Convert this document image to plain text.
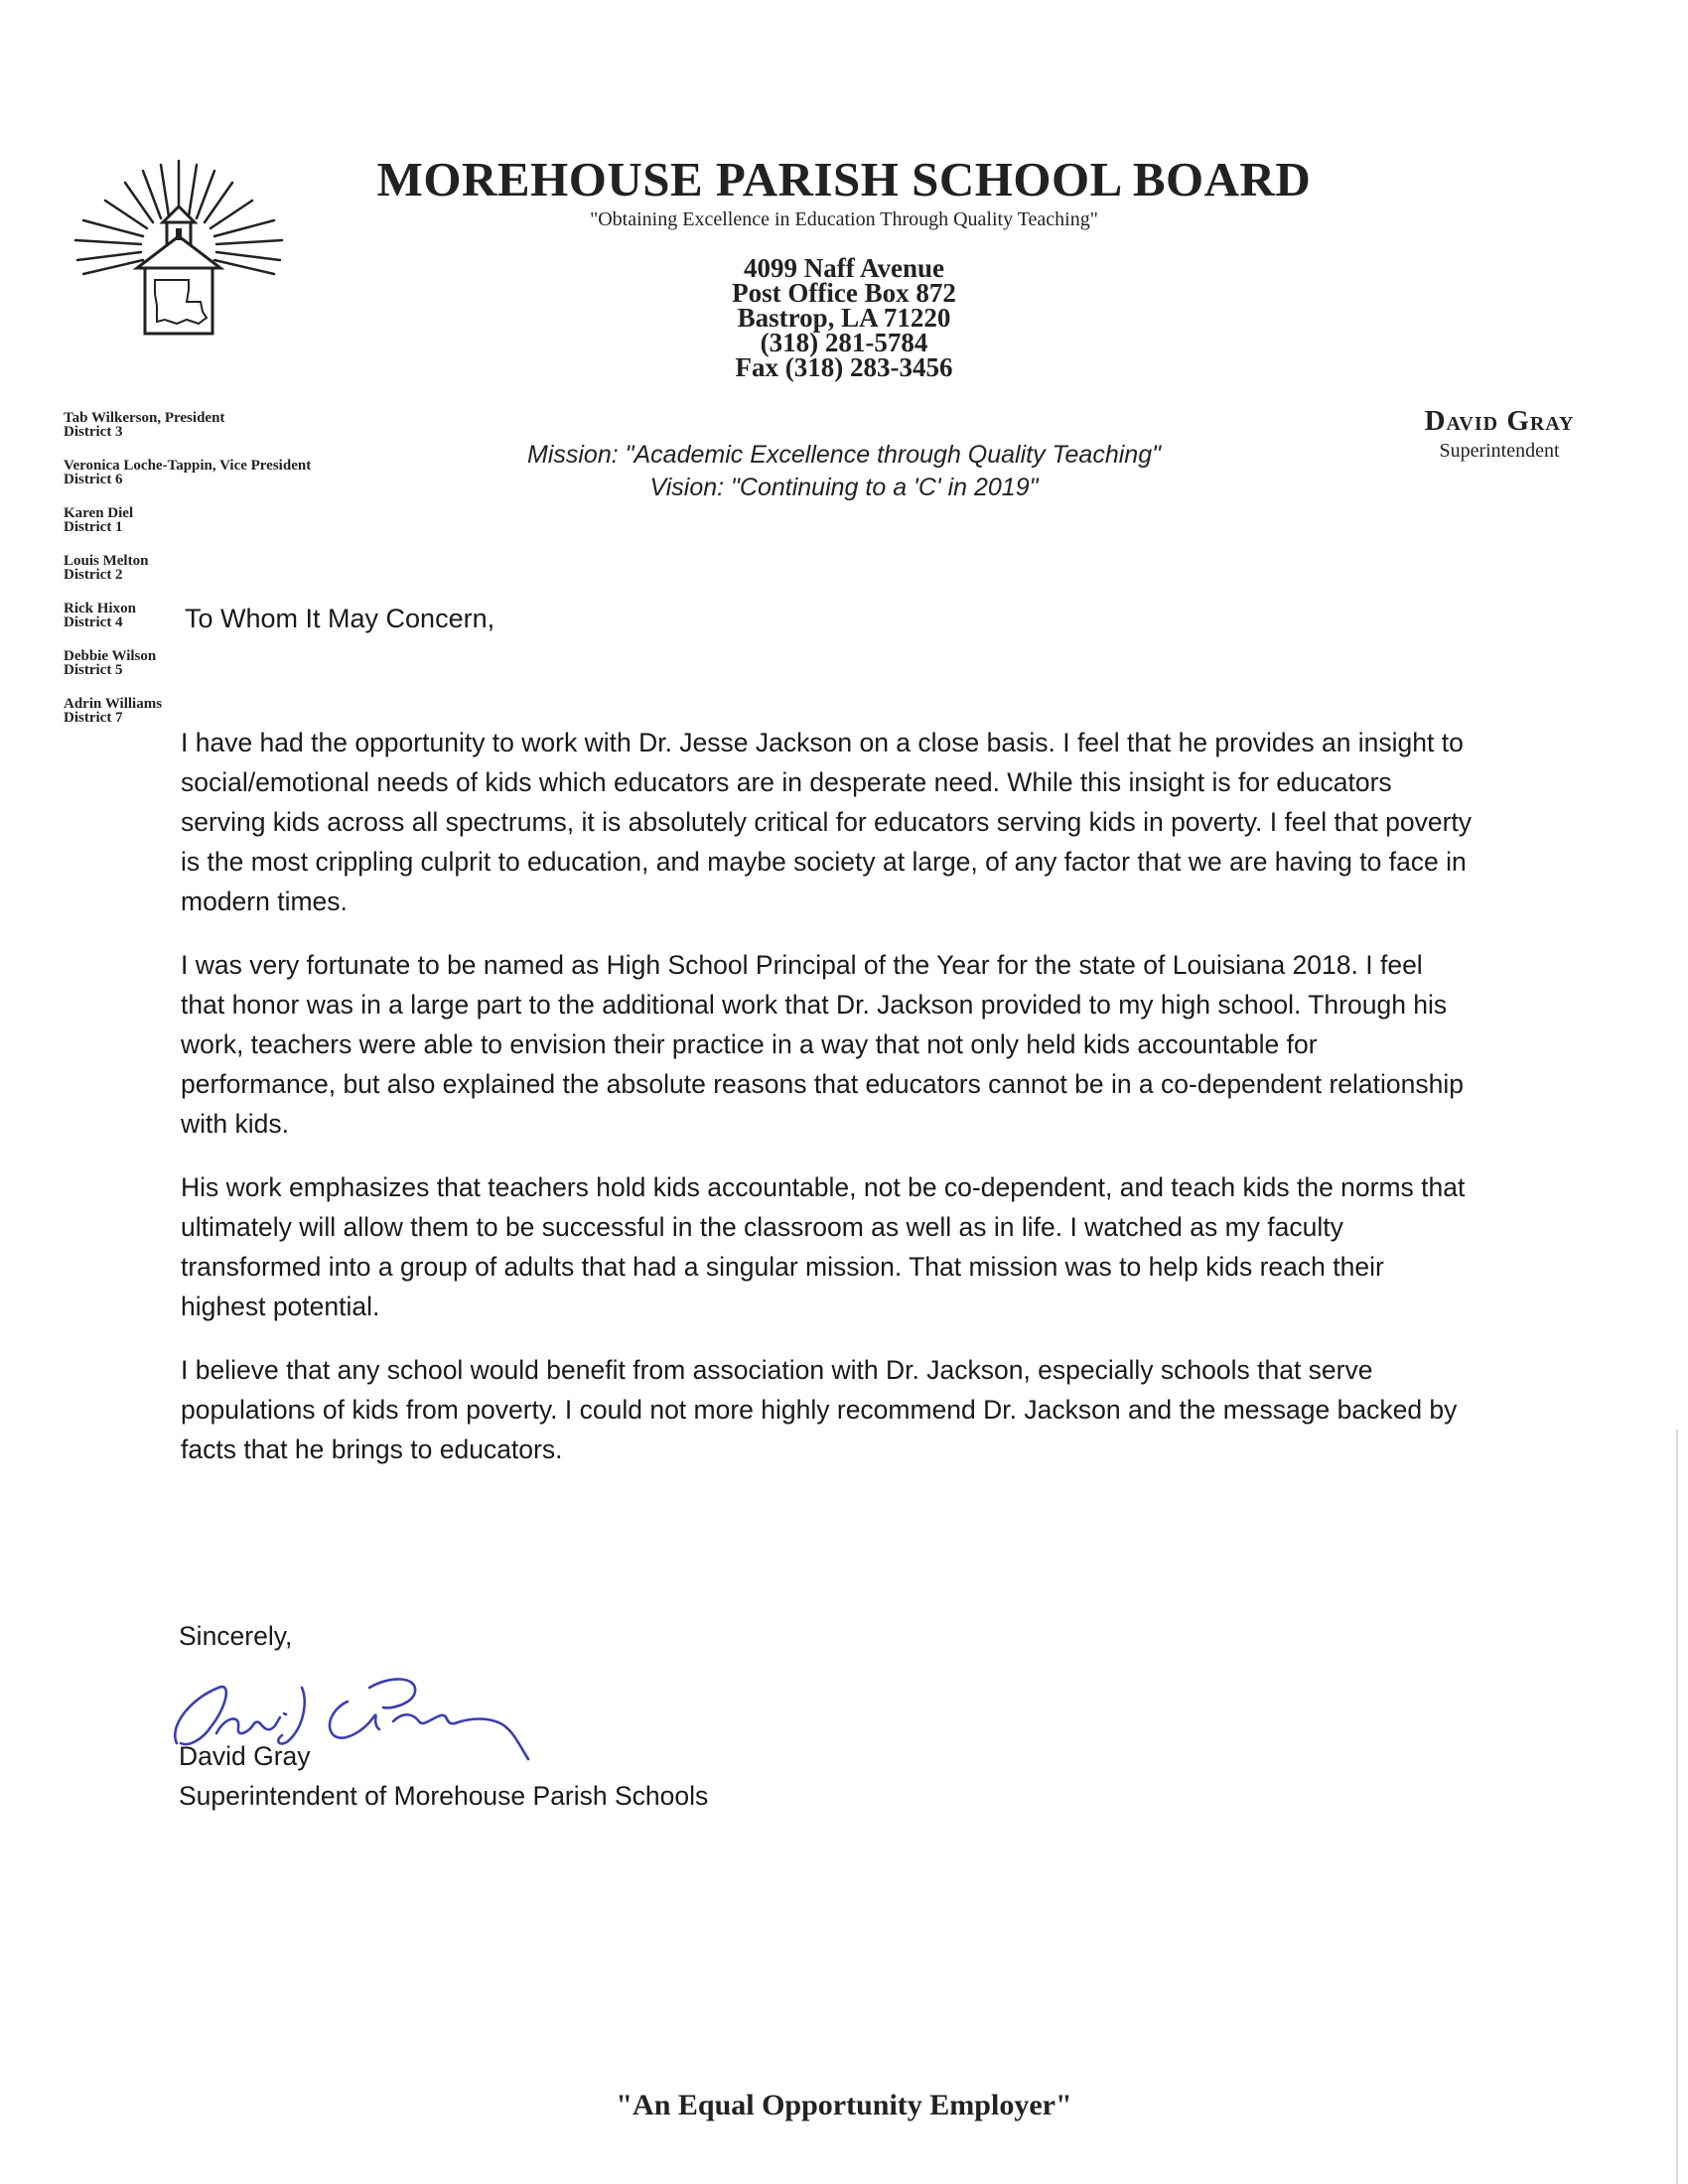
MOREHOUSE PARISH SCHOOL BOARD
"Obtaining Excellence in Education Through Quality Teaching"
4099 Naff Avenue
Post Office Box 872
Bastrop, LA 71220
(318) 281-5784
Fax (318) 283-3456
Tab Wilkerson, President
District 3
Veronica Loche-Tappin, Vice President
District 6
Karen Diel
District 1
Louis Melton
District 2
Rick Hixon
District 4
Debbie Wilson
District 5
Adrin Williams
District 7
David Gray
Superintendent
Mission: "Academic Excellence through Quality Teaching"
Vision: "Continuing to a 'C' in 2019"
To Whom It May Concern,

I have had the opportunity to work with Dr. Jesse Jackson on a close basis. I feel that he provides an insight to social/emotional needs of kids which educators are in desperate need. While this insight is for educators serving kids across all spectrums, it is absolutely critical for educators serving kids in poverty. I feel that poverty is the most crippling culprit to education, and maybe society at large, of any factor that we are having to face in modern times.

I was very fortunate to be named as High School Principal of the Year for the state of Louisiana 2018. I feel that honor was in a large part to the additional work that Dr. Jackson provided to my high school. Through his work, teachers were able to envision their practice in a way that not only held kids accountable for performance, but also explained the absolute reasons that educators cannot be in a co-dependent relationship with kids.

His work emphasizes that teachers hold kids accountable, not be co-dependent, and teach kids the norms that ultimately will allow them to be successful in the classroom as well as in life. I watched as my faculty transformed into a group of adults that had a singular mission. That mission was to help kids reach their highest potential.

I believe that any school would benefit from association with Dr. Jackson, especially schools that serve populations of kids from poverty. I could not more highly recommend Dr. Jackson and the message backed by facts that he brings to educators.

Sincerely,
David Gray
Superintendent of Morehouse Parish Schools
"An Equal Opportunity Employer"
